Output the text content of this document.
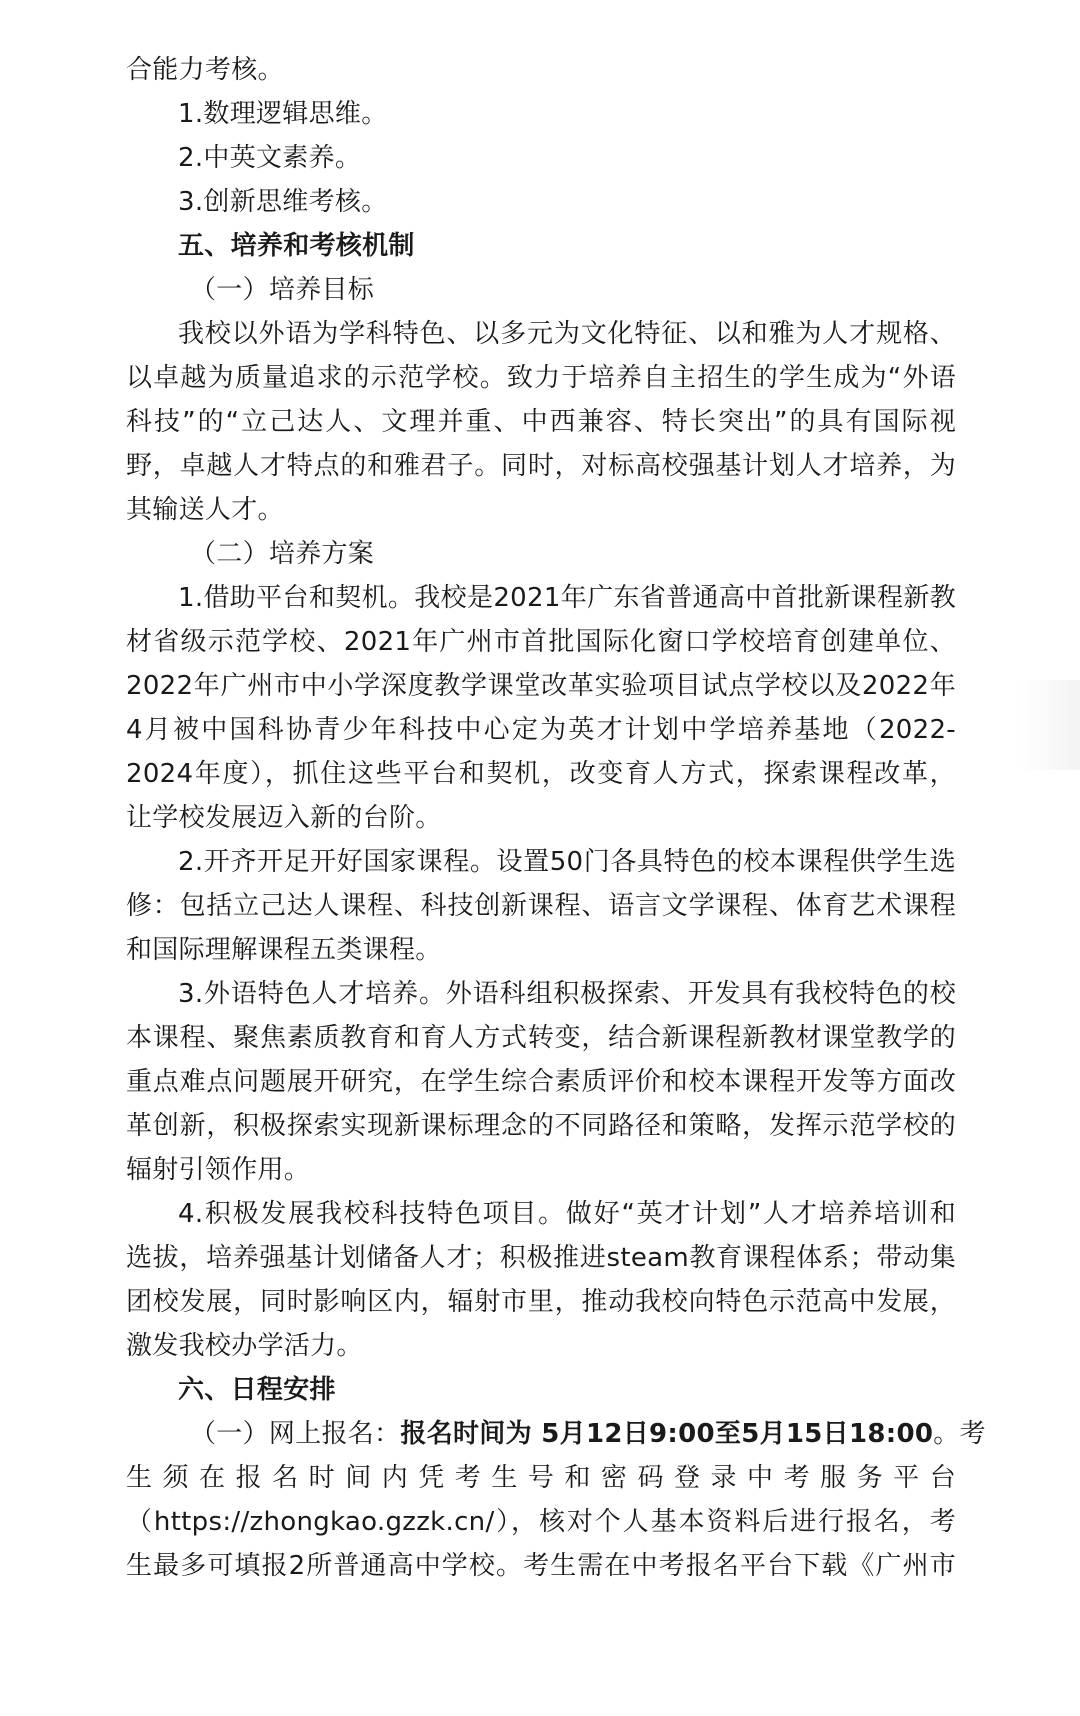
合能力考核。
1.数理逻辑思维。
2.中英文素养。
3.创新思维考核。
五、培养和考核机制
（一）培养目标
我校以外语为学科特色、以多元为文化特征、以和雅为人才规格、
以卓越为质量追求的示范学校。致力于培养自主招生的学生成为“外语
科技”的“立己达人、文理并重、中西兼容、特长突出”的具有国际视
野，卓越人才特点的和雅君子。同时，对标高校强基计划人才培养，为
其输送人才。
（二）培养方案
1.借助平台和契机。我校是2021年广东省普通高中首批新课程新教
材省级示范学校、2021年广州市首批国际化窗口学校培育创建单位、
2022年广州市中小学深度教学课堂改革实验项目试点学校以及2022年
4月被中国科协青少年科技中心定为英才计划中学培养基地（2022-
2024年度），抓住这些平台和契机，改变育人方式，探索课程改革，
让学校发展迈入新的台阶。
2.开齐开足开好国家课程。设置50门各具特色的校本课程供学生选
修：包括立己达人课程、科技创新课程、语言文学课程、体育艺术课程
和国际理解课程五类课程。
3.外语特色人才培养。外语科组积极探索、开发具有我校特色的校
本课程、聚焦素质教育和育人方式转变，结合新课程新教材课堂教学的
重点难点问题展开研究，在学生综合素质评价和校本课程开发等方面改
革创新，积极探索实现新课标理念的不同路径和策略，发挥示范学校的
辐射引领作用。
4.积极发展我校科技特色项目。做好“英才计划”人才培养培训和
选拔，培养强基计划储备人才；积极推进steam教育课程体系；带动集
团校发展，同时影响区内，辐射市里，推动我校向特色示范高中发展，
激发我校办学活力。
六、日程安排
（一）网上报名：报名时间为 5月12日9:00至5月15日18:00。考
生须在报名时间内凭考生号和密码登录中考服务平台
（https://zhongkao.gzzk.cn/），核对个人基本资料后进行报名，考
生最多可填报2所普通高中学校。考生需在中考报名平台下载《广州市
